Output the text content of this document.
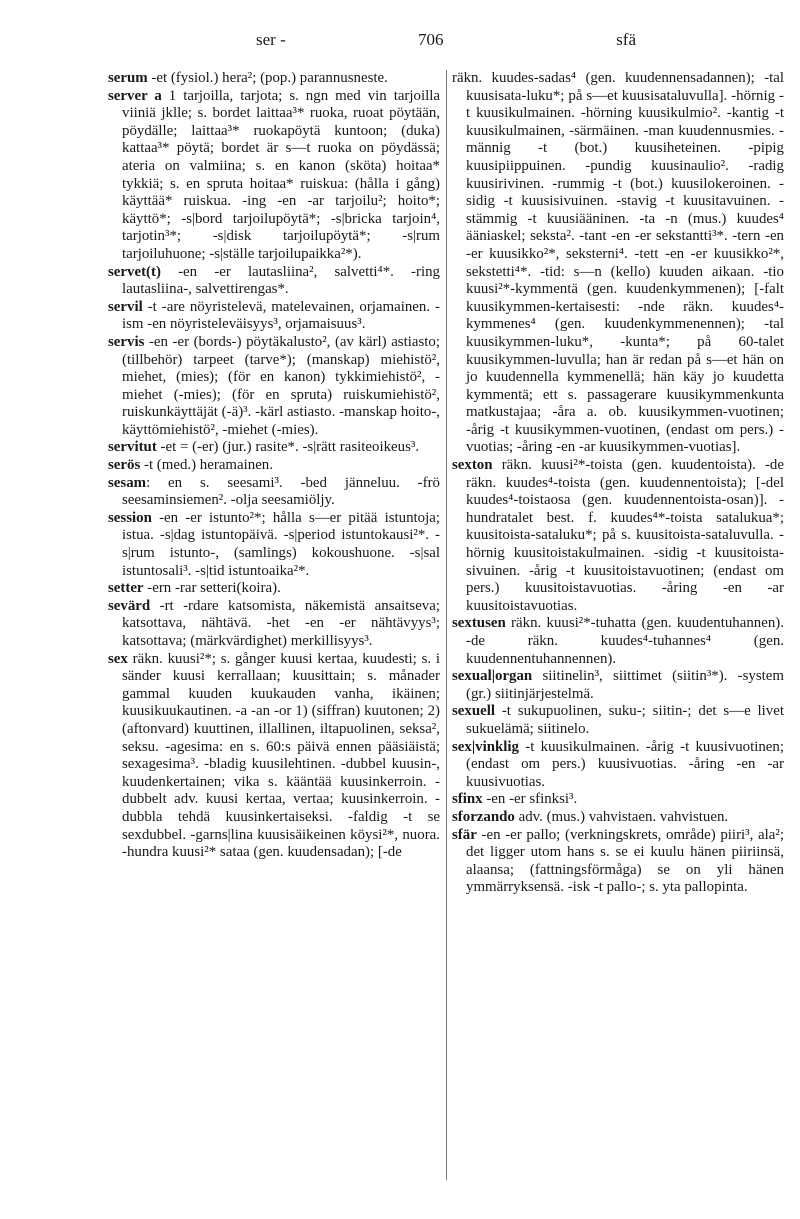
ser -	706	sfä
serum -et (fysiol.) hera²; (pop.) parannusneste.
server a 1 tarjoilla, tarjota; s. ngn med vin tarjoilla viiniä jklle; s. bordet laittaa³* ruoka, ruoat pöytään, pöydälle; laittaa³* ruokapöytä kuntoon; (duka) kattaa³* pöytä; bordet är s—t ruoka on pöydässä; ateria on valmiina; s. en kanon (sköta) hoitaa* tykkiä; s. en spruta hoitaa* ruiskua: (hålla i gång) käyttää* ruiskua. -ing -en -ar tarjoilu²; hoito*; käyttö*; -s|bord tarjoilupöytä*; -s|bricka tarjoin⁴, tarjotin³*; -s|disk tarjoilupöytä*; -s|rum tarjoiluhuone; -s|ställe tarjoilupaikka²*).
servet(t) -en -er lautasliina², salvetti⁴*. -ring lautasliina-, salvettirengas*.
servil -t -are nöyristelevä, matelevainen, orjamainen. -ism -en nöyristeleväisyys³, orjamaisuus³.
servis -en -er (bords-) pöytäkalusto², (av kärl) astiasto; (tillbehör) tarpeet (tarve*); (manskap) miehistö², miehet, (mies); (för en kanon) tykkimiehistö², -miehet (-mies); (för en spruta) ruiskumiehistö², ruiskunkäyttäjät (-ä)³. -kärl astiasto. -manskap hoito-, käyttömiehistö², -miehet (-mies).
servitut -et = (-er) (jur.) rasite*. -s|rätt rasiteoikeus³.
serös -t (med.) heramainen.
sesam: en s. seesami³. -bed jänneluu. -frö seesaminsiemen². -olja seesamiöljy.
session -en -er istunto²*; hålla s—er pitää istuntoja; istua. -s|dag istuntopäivä. -s|period istuntokausi²*. -s|rum istunto-, (samlings) kokoushuone. -s|sal istuntosali³. -s|tid istuntoaika²*.
setter -ern -rar setteri(koira).
sevärd -rt -rdare katsomista, näkemistä ansaitseva; katsottava, nähtävä. -het -en -er nähtävyys³; katsottava; (märkvärdighet) merkillisyys³.
sex räkn. kuusi²*; s. gånger kuusi kertaa, kuudesti; s. i sänder kuusi kerrallaan; kuusittain; s. månader gammal kuuden kuukauden vanha, ikäinen; kuusikuukautinen. -a -an -or 1) (siffran) kuutonen; 2) (aftonvard) kuuttinen, illallinen, iltapuolinen, seksa², seksu. -agesima: en s. 60:s päivä ennen pääsiäistä; sexagesima³. -bladig kuusilehtinen. -dubbel kuusin-, kuudenkertainen; vika s. kääntää kuusinkerroin. -dubbelt adv. kuusi kertaa, vertaa; kuusinkerroin. -dubbla tehdä kuusinkertaiseksi. -faldig -t se sexdubbel. -garns|lina kuusisäikeinen köysi²*, nuora. -hundra kuusi²* sataa (gen. kuudensadan); [-de
räkn. kuudes-sadas⁴ (gen. kuudennensadannen); -tal kuusisata-luku*; på s—et kuusisataluvulla]. -hörnig -t kuusikulmainen. -hörning kuusikulmio². -kantig -t kuusikulmainen, -särmäinen. -man kuudennusmies. -männig -t (bot.) kuusiheteinen. -pipig kuusipiippuinen. -pundig kuusinaulio². -radig kuusirivinen. -rummig -t (bot.) kuusilokeroinen. -sidig -t kuusisivuinen. -stavig -t kuusitavuinen. -stämmig -t kuusiääninen. -ta -n (mus.) kuudes⁴ ääniaskel; seksta². -tant -en -er sekstantti³*. -tern -en -er kuusikko²*, seksterni⁴. -tett -en -er kuusikko²*, sekstetti⁴*. -tid: s—n (kello) kuuden aikaan. -tio kuusi²*-kymmentä (gen. kuudenkymmenen); [-falt kuusikymmen-kertaisesti: -nde räkn. kuudes⁴-kymmenes⁴ (gen. kuudenkymmenennen); -tal kuusikymmen-luku*, -kunta*; på 60-talet kuusikymmen-luvulla; han är redan på s—et hän on jo kuudennella kymmenellä; hän käy jo kuudetta kymmentä; ett s. passagerare kuusikymmenkunta matkustajaa; -åra a. ob. kuusikymmen-vuotinen; -årig -t kuusikymmen-vuotinen, (endast om pers.) -vuotias; -åring -en -ar kuusikymmen-vuotias].
sexton räkn. kuusi²*-toista (gen. kuudentoista). -de räkn. kuudes⁴-toista (gen. kuudennentoista); [-del kuudes⁴-toistaosa (gen. kuudennentoista-osan)]. -hundratalet best. f. kuudes⁴*-toista satalukua*; kuusitoista-sataluku*; på s. kuusitoista-sataluvulla. -hörnig kuusitoistakulmainen. -sidig -t kuusitoista-sivuinen. -årig -t kuusitoistavuotinen; (endast om pers.) kuusitoistavuotias. -åring -en -ar kuusitoistavuotias.
sextusen räkn. kuusi²*-tuhatta (gen. kuudentuhannen). -de räkn. kuudes⁴-tuhannes⁴ (gen. kuudennentuhannennen).
sexual|organ siitinelin³, siittimet (siitin³*). -system (gr.) siitinjärjestelmä.
sexuell -t sukupuolinen, suku-; siitin-; det s—e livet sukuelämä; siitinelo.
sex|vinklig -t kuusikulmainen. -årig -t kuusivuotinen; (endast om pers.) kuusivuotias. -åring -en -ar kuusivuotias.
sfinx -en -er sfinksi³.
sforzando adv. (mus.) vahvistaen. vahvistuen.
sfär -en -er pallo; (verkningskrets, område) piiri³, ala²; det ligger utom hans s. se ei kuulu hänen piiriinsä, alaansa; (fattningsförmåga) se on yli hänen ymmärryksensä. -isk -t pallo-; s. yta pallopinta.
